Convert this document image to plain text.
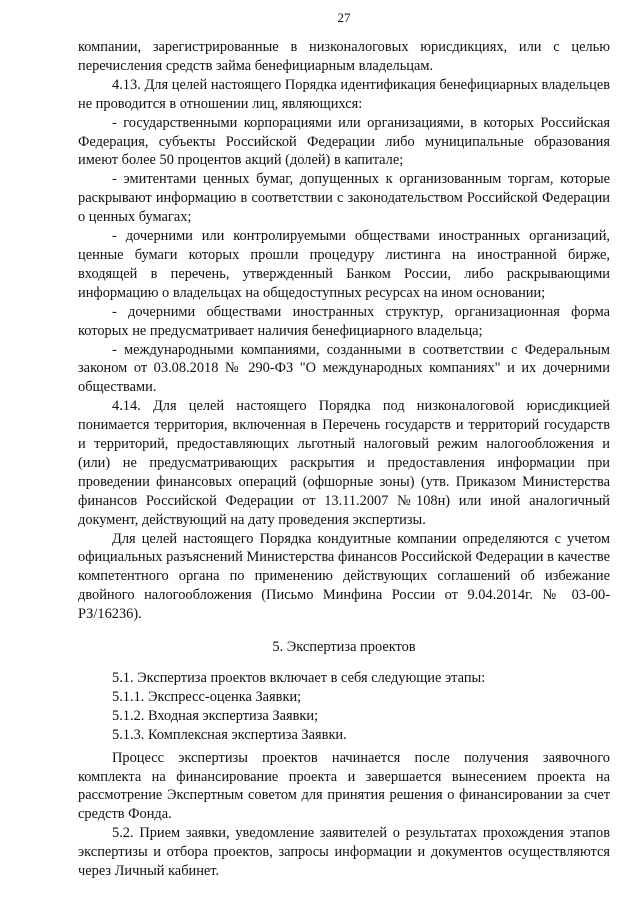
27

компании, зарегистрированные в низконалоговых юрисдикциях, или с целью перечисления средств займа бенефициарным владельцам.

4.13. Для целей настоящего Порядка идентификация бенефициарных владельцев не проводится в отношении лиц, являющихся:

- государственными корпорациями или организациями, в которых Российская Федерация, субъекты Российской Федерации либо муниципальные образования имеют более 50 процентов акций (долей) в капитале;

- эмитентами ценных бумаг, допущенных к организованным торгам, которые раскрывают информацию в соответствии с законодательством Российской Федерации о ценных бумагах;

- дочерними или контролируемыми обществами иностранных организаций, ценные бумаги которых прошли процедуру листинга на иностранной бирже, входящей в перечень, утвержденный Банком России, либо раскрывающими информацию о владельцах на общедоступных ресурсах на ином основании;

- дочерними обществами иностранных структур, организационная форма которых не предусматривает наличия бенефициарного владельца;

- международными компаниями, созданными в соответствии с Федеральным законом от 03.08.2018 № 290-ФЗ "О международных компаниях" и их дочерними обществами.

4.14. Для целей настоящего Порядка под низконалоговой юрисдикцией понимается территория, включенная в Перечень государств и территорий государств и территорий, предоставляющих льготный налоговый режим налогообложения и (или) не предусматривающих раскрытия и предоставления информации при проведении финансовых операций (офшорные зоны) (утв. Приказом Министерства финансов Российской Федерации от 13.11.2007 №108н) или иной аналогичный документ, действующий на дату проведения экспертизы.

Для целей настоящего Порядка кондуитные компании определяются с учетом официальных разъяснений Министерства финансов Российской Федерации в качестве компетентного органа по применению действующих соглашений об избежание двойного налогообложения (Письмо Минфина России от 9.04.2014г. № 03-00-РЗ/16236).

5. Экспертиза проектов

5.1. Экспертиза проектов включает в себя следующие этапы:

5.1.1. Экспресс-оценка Заявки;

5.1.2. Входная экспертиза Заявки;

5.1.3. Комплексная экспертиза Заявки.

Процесс экспертизы проектов начинается после получения заявочного комплекта на финансирование проекта и завершается вынесением проекта на рассмотрение Экспертным советом для принятия решения о финансировании за счет средств Фонда.

5.2. Прием заявки, уведомление заявителей о результатах прохождения этапов экспертизы и отбора проектов, запросы информации и документов осуществляются через Личный кабинет.
